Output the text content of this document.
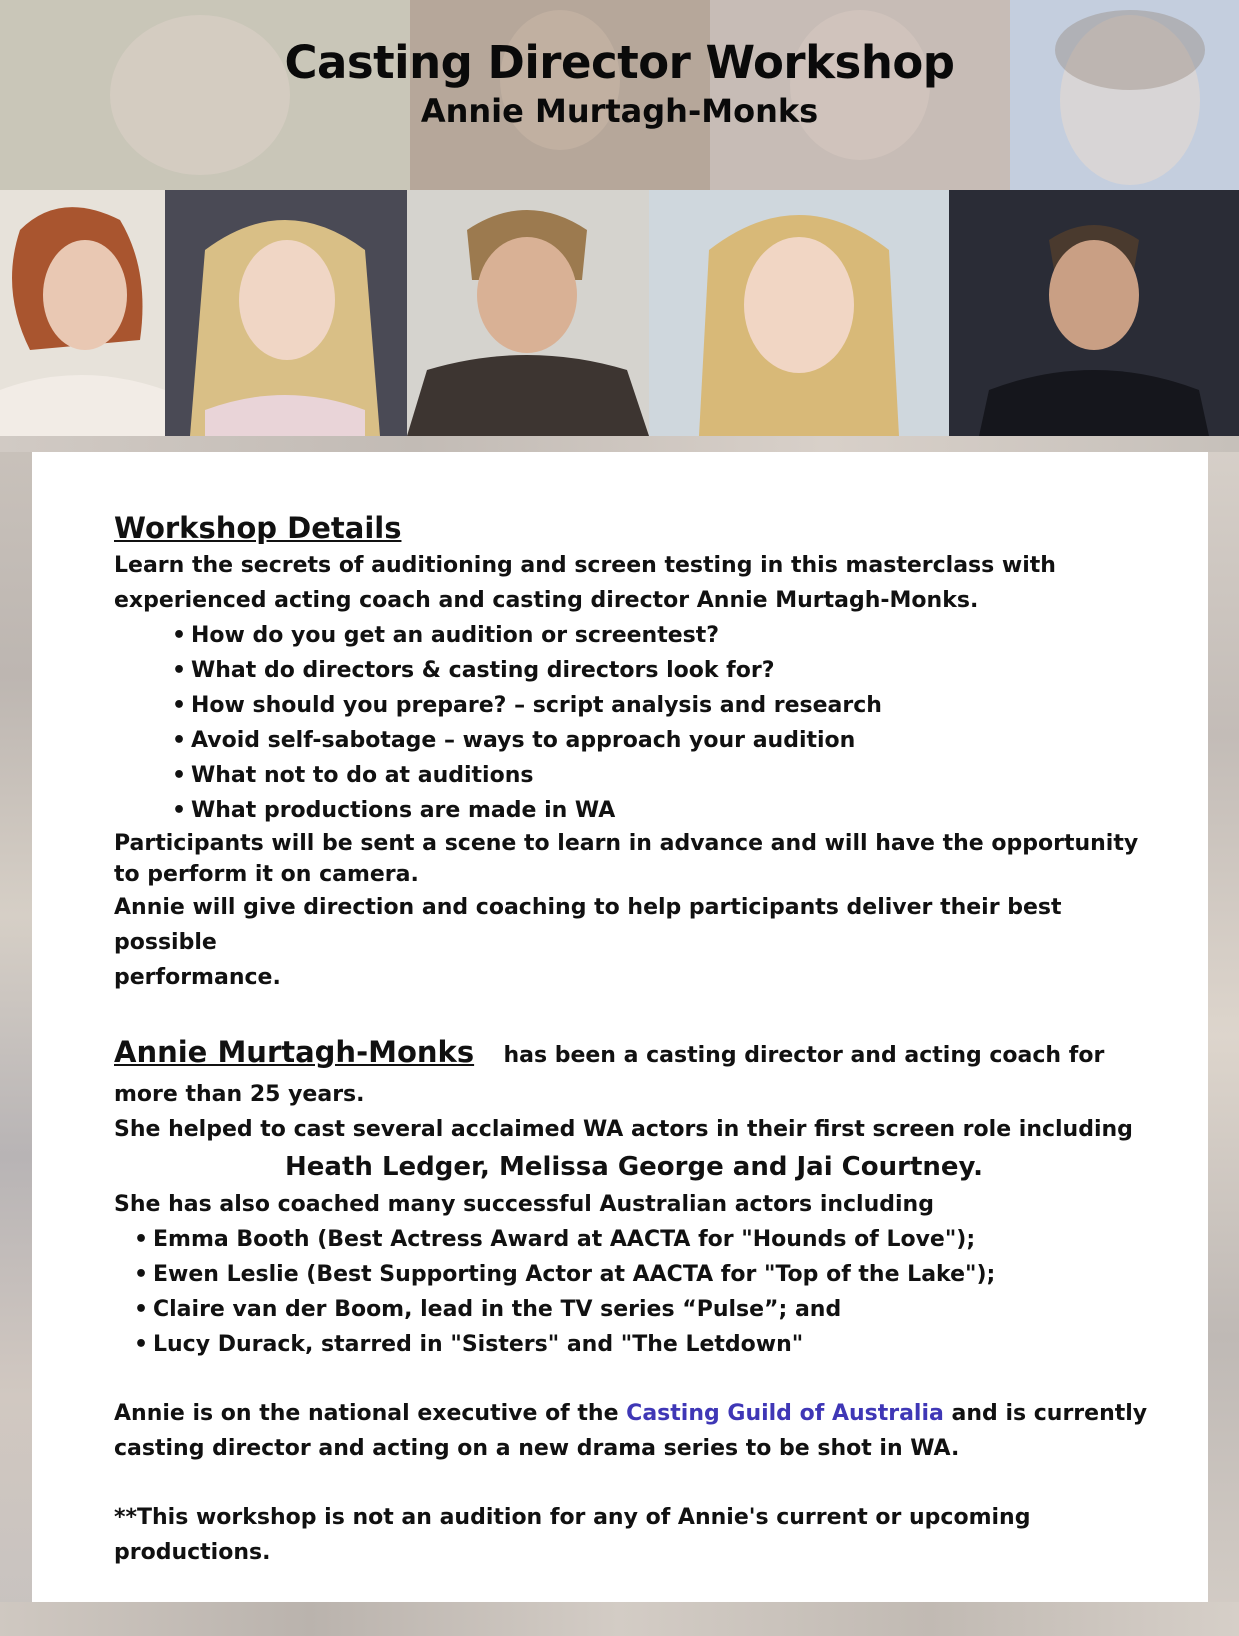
Casting Director Workshop
Annie Murtagh-Monks
Workshop Details

Learn the secrets of auditioning and screen testing in this masterclass with

experienced acting coach and casting director Annie Murtagh-Monks.

• How do you get an audition or screentest?
• What do directors & casting directors look for?
• How should you prepare? – script analysis and research
• Avoid self-sabotage – ways to approach your audition
• What not to do at auditions
• What productions are made in WA

Participants will be sent a scene to learn in advance and will have the opportunity

to perform it on camera.

Annie will give direction and coaching to help participants deliver their best possible

performance.

Annie Murtagh-Monks has been a casting director and acting coach for

more than 25 years.

She helped to cast several acclaimed WA actors in their first screen role including

Heath Ledger, Melissa George and Jai Courtney.

She has also coached many successful Australian actors including

• Emma Booth (Best Actress Award at AACTA for "Hounds of Love");
• Ewen Leslie (Best Supporting Actor at AACTA for "Top of the Lake");
• Claire van der Boom, lead in the TV series “Pulse”; and
• Lucy Durack, starred in "Sisters" and "The Letdown"

Annie is on the national executive of the Casting Guild of Australia and is currently

casting director and acting on a new drama series to be shot in WA.

**This workshop is not an audition for any of Annie's current or upcoming productions.
